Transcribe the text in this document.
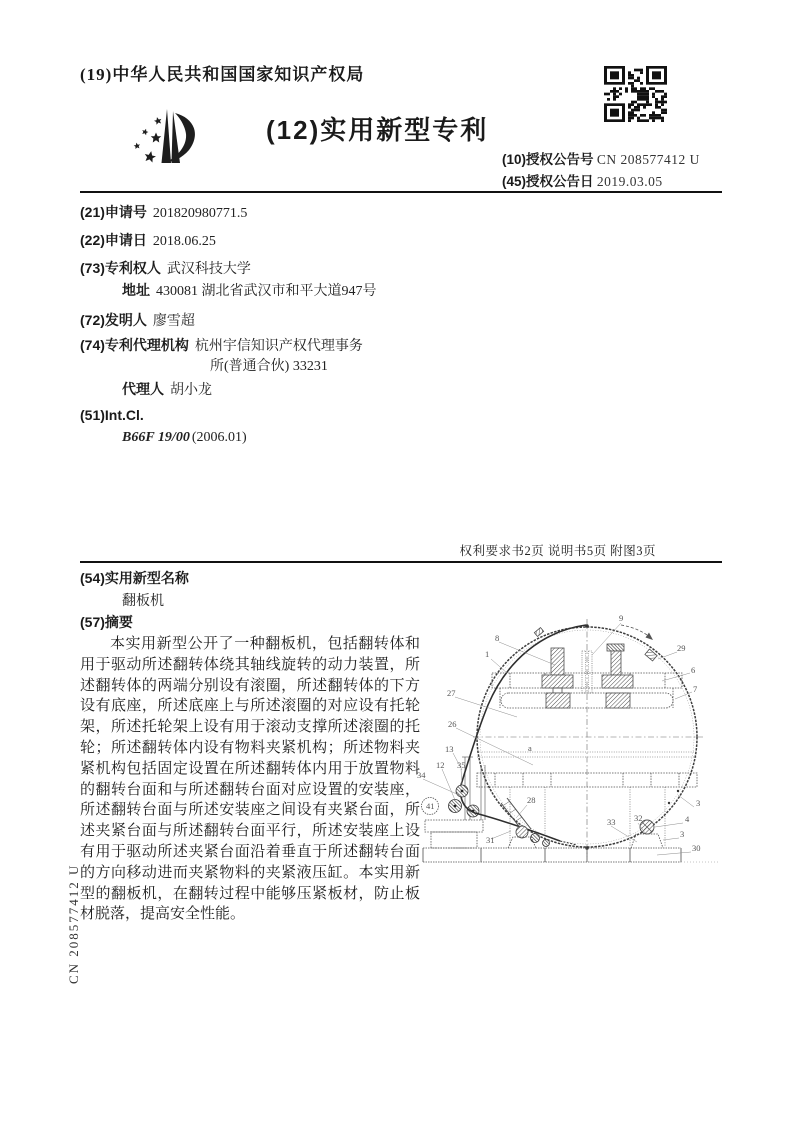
(19)中华人民共和国国家知识产权局
(12)实用新型专利
(10)授权公告号 CN 208577412 U
(45)授权公告日 2019.03.05
(21)申请号 201820980771.5
(22)申请日 2018.06.25
(73)专利权人 武汉科技大学
地址 430081 湖北省武汉市和平大道947号
(72)发明人 廖雪超
(74)专利代理机构 杭州宇信知识产权代理事务
所(普通合伙) 33231
代理人 胡小龙
(51)Int.Cl.
B66F 19/00 (2006.01)
权利要求书2页 说明书5页 附图3页
(54)实用新型名称
翻板机
(57)摘要

本实用新型公开了一种翻板机，包括翻转体和用于驱动所述翻转体绕其轴线旋转的动力装置，所述翻转体的两端分别设有滚圈，所述翻转体的下方设有底座，所述底座上与所述滚圈的对应设有托轮架，所述托轮架上设有用于滚动支撑所述滚圈的托轮；所述翻转体内设有物料夹紧机构；所述物料夹紧机构包括固定设置在所述翻转体内用于放置物料的翻转台面和与所述翻转台面对应设置的安装座，所述翻转台面与所述安装座之间设有夹紧台面，所述夹紧台面与所述翻转台面平行，所述安装座上设有用于驱动所述夹紧台面沿着垂直于所述翻转台面的方向移动进而夹紧物料的夹紧液压缸。本实用新型的翻板机，在翻转过程中能够压紧板材，防止板材脱落，提高安全性能。

CN 208577412 U
8
1
9
29
6
7
27
26
13
12 35
34
41
31
28
a
33 32	4
3
30
3
